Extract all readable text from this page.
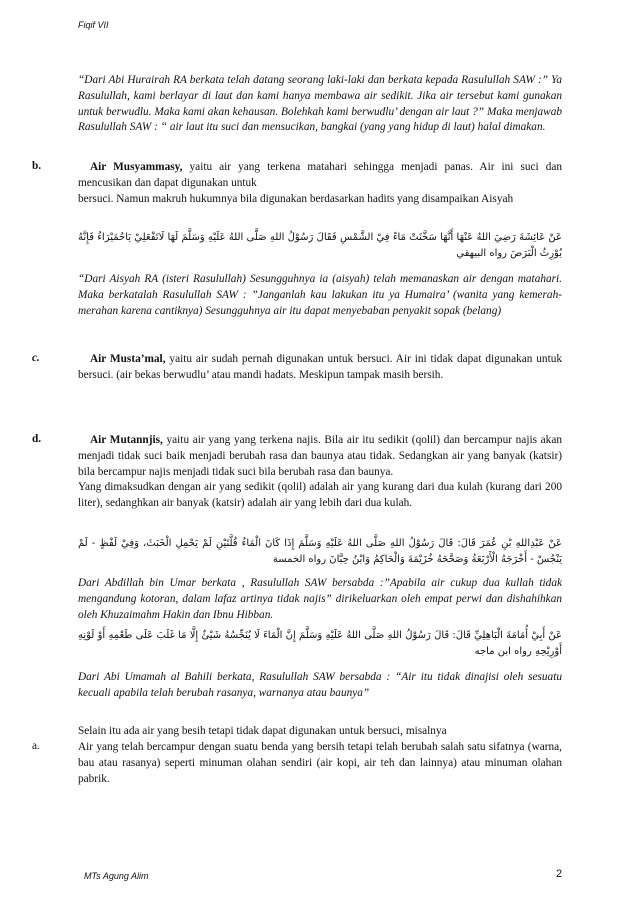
Fiqif VII

“Dari Abi Hurairah RA berkata telah datang seorang laki-laki dan berkata kepada Rasulullah SAW :” Ya Rasulullah, kami berlayar di laut dan kami hanya membawa air sedikit. Jika air tersebut kami gunakan untuk berwudlu. Maka kami akan kehausan. Bolehkah kami berwudlu’ dengan air laut ?” Maka menjawab Rasulullah SAW : “ air laut itu suci dan mensucikan, bangkai (yang yang hidup di laut) halal dimakan.

b.	Air Musyammasy, yaitu air yang terkena matahari sehingga menjadi panas. Air ini suci dan mencusikan dan dapat digunakan untuk
bersuci. Namun makruh hukumnya bila digunakan berdasarkan hadits yang disampaikan Aisyah

عَنْ عَائِشَةَ رَضِيَ اللهُ عَنْهَا أَنَّهَا سَخَّنَتْ مَاءً فِيْ الشَّمْسِ فَقَالَ رَسُوْلُ اللهِ صَلَّى اللهُ عَلَيْهِ وَسَلَّمَ لَهَا لَاتَفْعَلِيْ يَاحُمَيْرَاءُ فَإِنَّهُ يُوْرِثُ الْبَرَصَ رواه البيهقي

“Dari Aisyah RA (isteri Rasulullah) Sesungguhnya ia (aisyah) telah memanaskan air dengan matahari. Maka berkatalah Rasulullah SAW : ”Janganlah kau lakukan itu ya Humaira’ (wanita yang kemerah-merahan karena cantiknya) Sesungguhnya air itu dapat menyebaban penyakit sopak (belang)

c.	Air Musta’mal, yaitu air sudah pernah digunakan untuk bersuci. Air ini tidak dapat digunakan untuk bersuci. (air bekas berwudlu’ atau mandi hadats. Meskipun tampak masih bersih.

d.	Air Mutannjis, yaitu air yang yang terkena najis. Bila air itu sedikit (qolil) dan bercampur najis akan menjadi tidak suci baik menjadi berubah rasa dan baunya atau tidak. Sedangkan air yang banyak (katsir) bila bercampur najis menjadi tidak suci bila berubah rasa dan baunya.
Yang dimaksudkan dengan air yang sedikit (qolil) adalah air yang kurang dari dua kulah (kurang dari 200 liter), sedanghkan air banyak (katsir) adalah air yang lebih dari dua kulah.

عَنْ عَبْدِاللهِ بْنِ عُمَرَ قَالَ: قَالَ رَسُوْلُ اللهِ صَلَّى اللهُ عَلَيْهِ وَسَلَّمَ إِذَا كَانَ الْمَاءُ قُلَّتَيْنِ لَمْ يَحْمِلِ الْخَبَثَ، وَفِيْ لَفْظٍ - لَمْ يَنْجُسْ - أَخْرَجَهُ الْأَرْبَعَةُ وَصَحَّحَهُ خُزَيْمَةَ وَالْحَاكِمُ وَابْنُ حِبَّانَ رواه الخمسة

Dari Abdillah bin Umar berkata , Rasulullah SAW bersabda :”Apabila air cukup dua kullah tidak mengandung kotoran, dalam lafaz artinya tidak najis” dirikeluarkan oleh empat perwi dan dishahihkan oleh Khuzaimahm Hakin dan Ibnu Hibban.

عَنْ أَبِيْ أُمَامَةَ الْبَاهِلِيِّ قَالَ: قَالَ رَسُوْلُ اللهِ صَلَّى اللهُ عَلَيْهِ وَسَلَّمَ إِنَّ الْمَاءَ لَا يُنَجِّسُهُ شَيْئٌ إِلَّا مَا غَلَبَ عَلَى طَعْمِهِ أَوْ لَوْنِهِ أَوْرِيْحِهِ رواه ابن ماجه

Dari Abi Umamah al Bahili berkata, Rasulullah SAW bersabda : “Air itu tidak dinajisi oleh sesuatu kecuali apabila telah berubah rasanya, warnanya atau baunya”

Selain itu ada air yang besih tetapi tidak dapat digunakan untuk bersuci, misalnya

a.	Air yang telah bercampur dengan suatu benda yang bersih tetapi telah berubah salah satu sifatnya (warna, bau atau rasanya) seperti minuman olahan sendiri (air kopi, air teh dan lainnya) atau minuman olahan pabrik.

MTs Agung Alim	2
